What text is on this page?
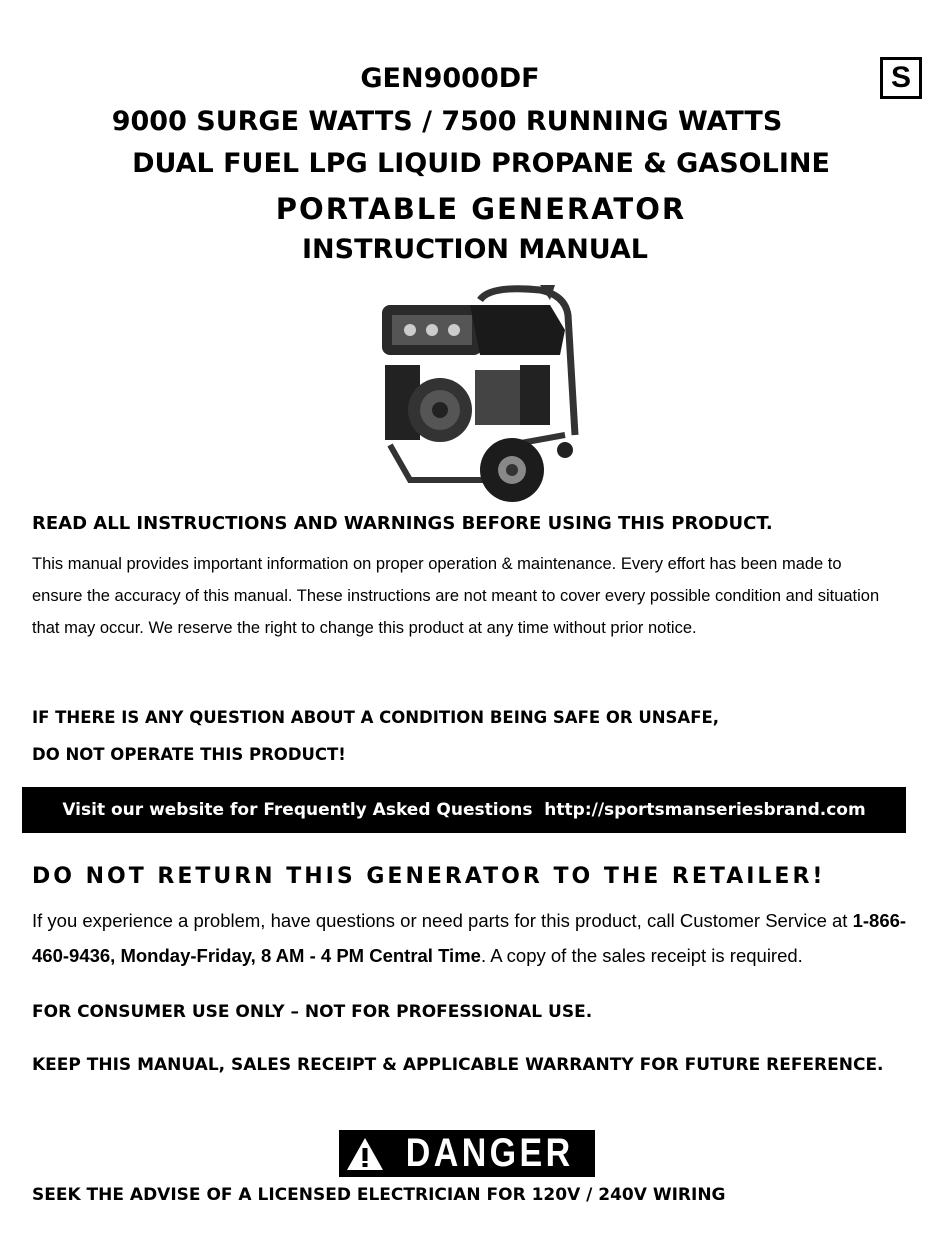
S
GEN9000DF
9000 SURGE WATTS / 7500 RUNNING WATTS
DUAL FUEL LPG LIQUID PROPANE & GASOLINE
PORTABLE GENERATOR
INSTRUCTION MANUAL
READ ALL INSTRUCTIONS AND WARNINGS BEFORE USING THIS PRODUCT.
This manual provides important information on proper operation & maintenance. Every effort has been made to ensure the accuracy of this manual. These instructions are not meant to cover every possible condition and situation that may occur. We reserve the right to change this product at any time without prior notice.
IF THERE IS ANY QUESTION ABOUT A CONDITION BEING SAFE OR UNSAFE,
DO NOT OPERATE THIS PRODUCT!
Visit our website for Frequently Asked Questions  http://sportsmanseriesbrand.com
DO NOT RETURN THIS GENERATOR TO THE RETAILER!
If you experience a problem, have questions or need parts for this product, call Customer Service at 1-866-460-9436, Monday-Friday, 8 AM - 4 PM Central Time. A copy of the sales receipt is required.
FOR CONSUMER USE ONLY – NOT FOR PROFESSIONAL USE.
KEEP THIS MANUAL, SALES RECEIPT & APPLICABLE WARRANTY FOR FUTURE REFERENCE.
DANGER
SEEK THE ADVISE OF A LICENSED ELECTRICIAN FOR 120V / 240V WIRING
